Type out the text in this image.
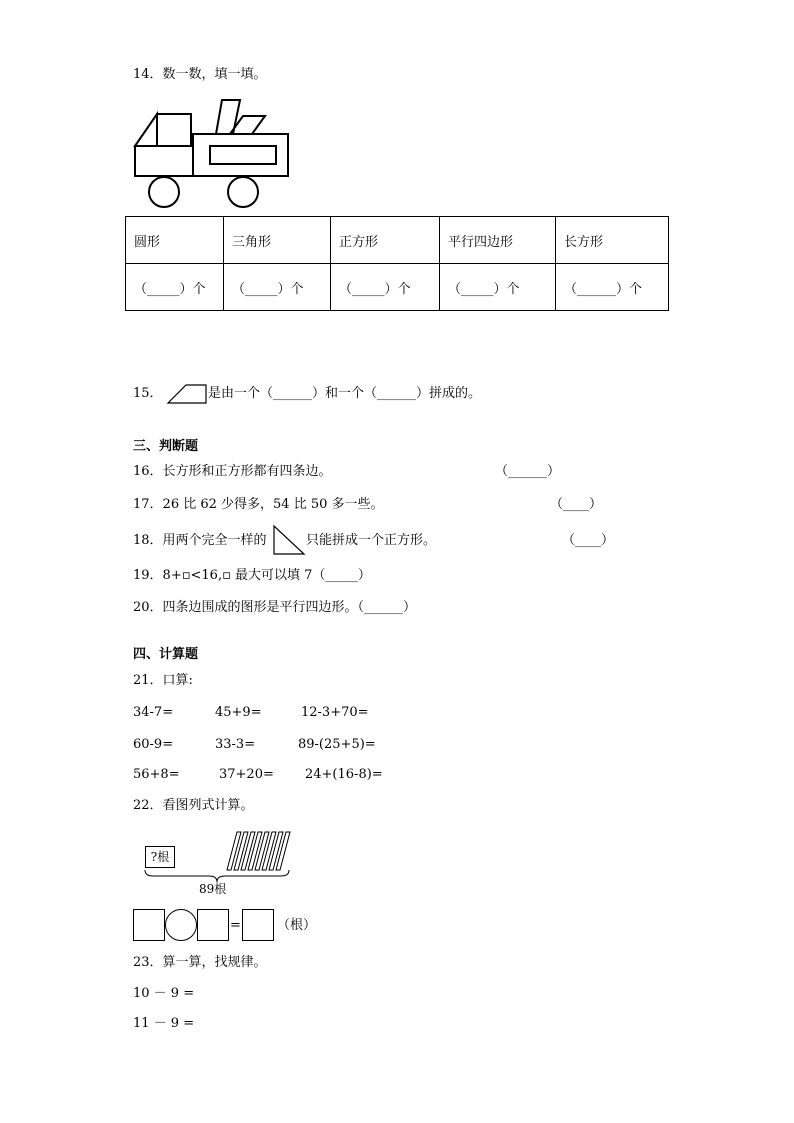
14．数一数，填一填。
圆形	三角形	正方形	平行四边形	长方形
（_____）个	（_____）个	（_____）个	（_____）个	（______）个
15．	是由一个（______）和一个（______）拼成的。
三、判断题
16．长方形和正方形都有四条边。	（______）
17．26 比 62 少得多，54 比 50 多一些。	（____）
18．用两个完全一样的	只能拼成一个正方形。	（____）
19．8+▫<16,▫ 最大可以填 7（_____）
20．四条边围成的图形是平行四边形。（______）
四、计算题
21．口算:
34-7=	45+9=	12-3+70=
60-9=	33-3=	89-(25+5)=
56+8=	37+20= 24+(16-8)=
22．看图列式计算。
?根
89根
=	（根）
23．算一算，找规律。
10 － 9 =
11 － 9 =
